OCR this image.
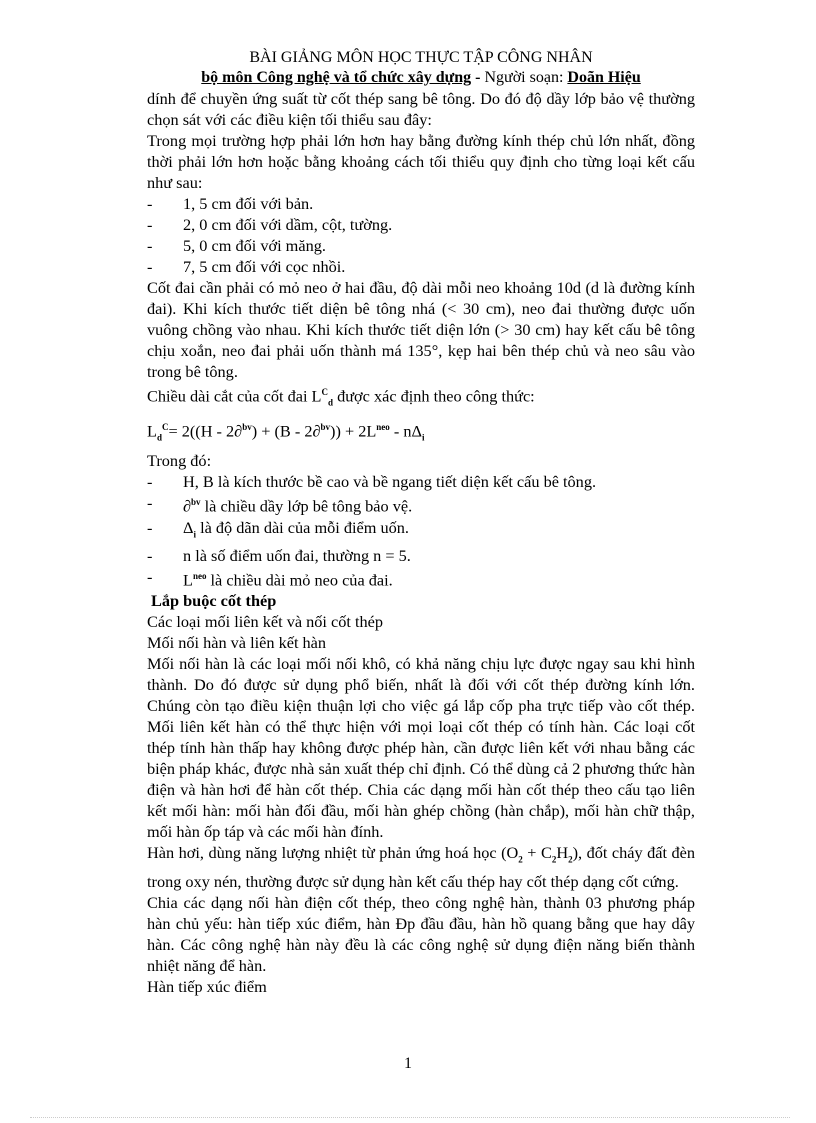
BÀI GIẢNG MÔN HỌC THỰC TẬP CÔNG NHÂN
bộ môn Công nghệ và tổ chức xây dựng - Người soạn: Doãn Hiệu

dính để chuyền ứng suất từ cốt thép sang bê tông. Do đó độ dầy lớp bảo vệ thường chọn sát với các điều kiện tối thiểu sau đây:

Trong mọi trường hợp phải lớn hơn hay bằng đường kính thép chủ lớn nhất, đồng thời phải lớn hơn hoặc bằng khoảng cách tối thiểu quy định cho từng loại kết cấu như sau:

-	1, 5 cm đối với bản.
-	2, 0 cm đối với dầm, cột, tường.
-	5, 0 cm đối với măng.
-	7, 5 cm đối với cọc nhồi.

Cốt đai cần phải có mỏ neo ở hai đầu, độ dài mỗi neo khoảng 10d (d là đường kính đai). Khi kích thước tiết diện bê tông nhá (< 30 cm), neo đai thường được uốn vuông chồng vào nhau. Khi kích thước tiết diện lớn (> 30 cm) hay kết cấu bê tông chịu xoắn, neo đai phải uốn thành má 135°, kẹp hai bên thép chủ và neo sâu vào trong bê tông.

Chiều dài cắt của cốt đai $L^C_d$ được xác định theo công thức:

$L_d^C= 2((H - 2\partial^{bv}) + (B - 2\partial^{bv})) + 2L^{neo} - n\Delta_i$

Trong đó:

-	H, B là kích thước bề cao và bề ngang tiết diện kết cấu bê tông.
-	∂$^{bv}$ là chiều dầy lớp bê tông bảo vệ.
-	$\Delta_i$ là độ dãn dài của mỗi điểm uốn.
-	n là số điểm uốn đai, thường n = 5.
-	$L^{neo}$ là chiều dài mỏ neo của đai.

Lắp buộc cốt thép

Các loại mối liên kết và nối cốt thép

Mối nối hàn và liên kết hàn

Mối nối hàn là các loại mối nối khô, có khả năng chịu lực được ngay sau khi hình thành. Do đó được sử dụng phổ biến, nhất là đối với cốt thép đường kính lớn. Chúng còn tạo điều kiện thuận lợi cho việc gá lắp cốp pha trực tiếp vào cốt thép. Mối liên kết hàn có thể thực hiện với mọi loại cốt thép có tính hàn. Các loại cốt thép tính hàn thấp hay không được phép hàn, cần được liên kết với nhau bằng các biện pháp khác, được nhà sản xuất thép chỉ định. Có thể dùng cả 2 phương thức hàn điện và hàn hơi để hàn cốt thép. Chia các dạng mối hàn cốt thép theo cấu tạo liên kết mối hàn: mối hàn đối đầu, mối hàn ghép chồng (hàn chắp), mối hàn chữ thập, mối hàn ốp táp và các mối hàn đính.

Hàn hơi, dùng năng lượng nhiệt từ phản ứng hoá học $(O_2 + C_2H_2)$, đốt cháy đất đèn trong oxy nén, thường được sử dụng hàn kết cấu thép hay cốt thép dạng cốt cứng.

Chia các dạng nối hàn điện cốt thép, theo công nghệ hàn, thành 03 phương pháp hàn chủ yếu: hàn tiếp xúc điểm, hàn Đp đầu đầu, hàn hồ quang bằng que hay dây hàn. Các công nghệ hàn này đều là các công nghệ sử dụng điện năng biến thành nhiệt năng để hàn.

Hàn tiếp xúc điểm

1
